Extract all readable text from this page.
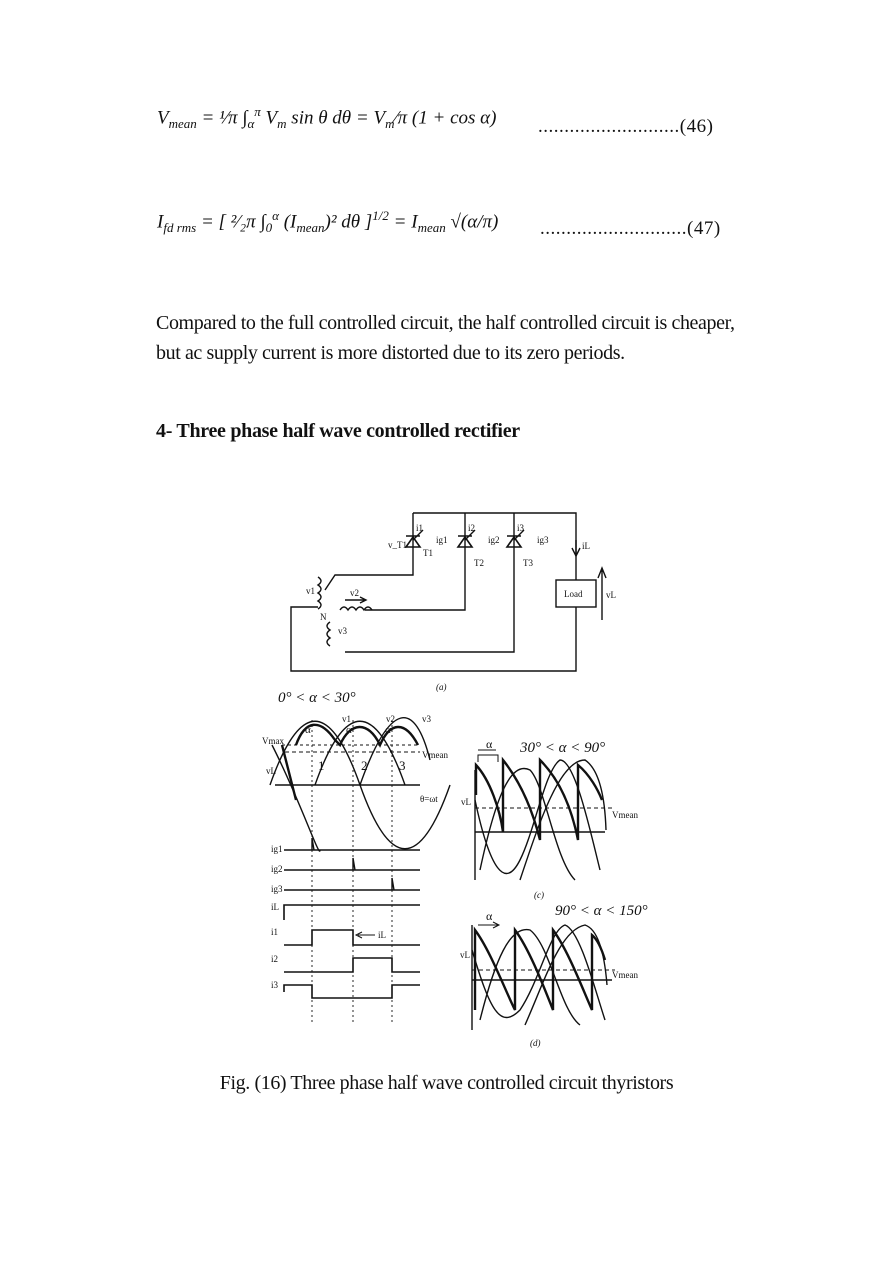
$V_{mean}$ = ¹⁄π $\int_\alpha^\pi$ $V_m$ sin θ $d\theta = V_m⁄\pi$ (1 + cos α) ...........................(46)
$I_{fd rms}$ = [ ²⁄₂π $\int_0^\alpha$ $(I_{mean})^2$ dθ ]$^{1/2} = I_{mean}$ √(α/π) ............................(47)
Compared to the full controlled circuit, the half controlled circuit is cheaper, but ac supply current is more distorted due to its zero periods.
4- Three phase half wave controlled rectifier
v_T1
i1	i2	i3
ig1	ig2	ig3
T1
T2	T3
iL
vL
v1	v2
v3
N
Load
(a)
0° < α < 30°
Vmax
Vmean
v1	v2	v3
vL
θ=ωt
1	2 3
α	α	α
ig1
ig2
ig3
iL
i1
i2
i3
iL
30° < α < 90°
α
vL
Vmean
(c)
90° < α < 150°
α
vL
Vmean
(d)
Fig. (16) Three phase half wave controlled circuit thyristors
